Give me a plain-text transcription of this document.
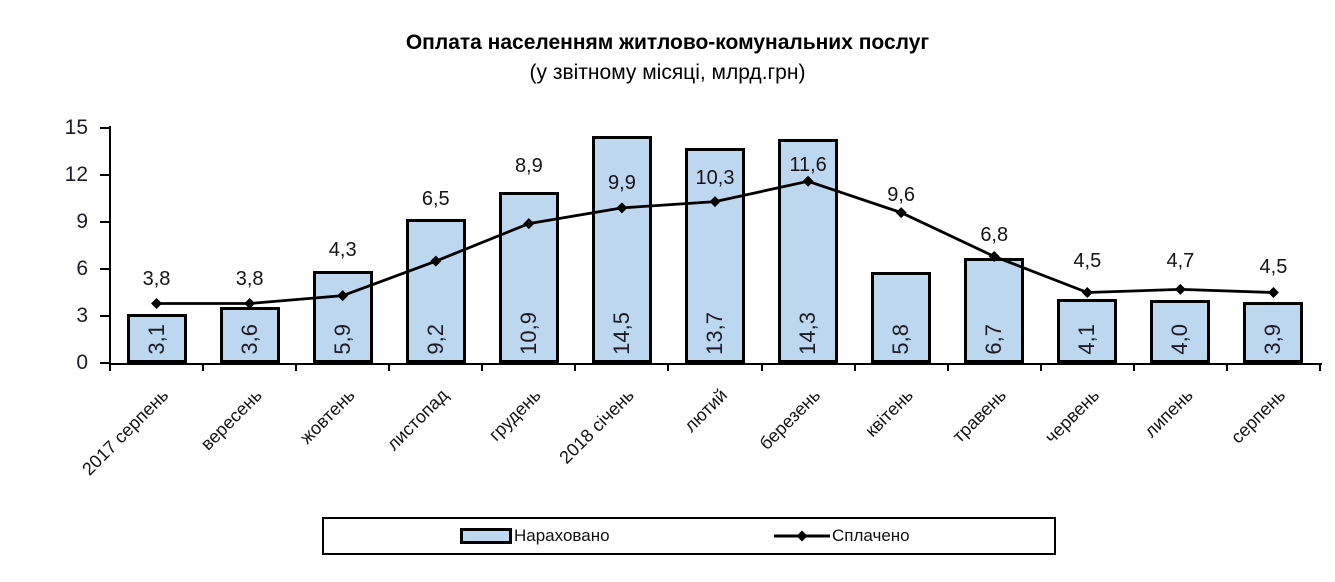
Оплата населенням житлово-комунальних послуг
(у звітному місяці, млрд.грн)
0
3
6
9
12
15
3,1	3,6	5,9	9,2	10,9	14,5	13,7	14,3	5,8	6,7	4,1	4,0	3,9
3,8	3,8
4,3
6,5
8,9
9,9	10,3
11,6
9,6
6,8
4,5	4,7	4,5
2017 серпень вересень жовтень листопад грудень 2018 січень лютий березень квітень травень червень липень серпень
Нараховано	Сплачено
